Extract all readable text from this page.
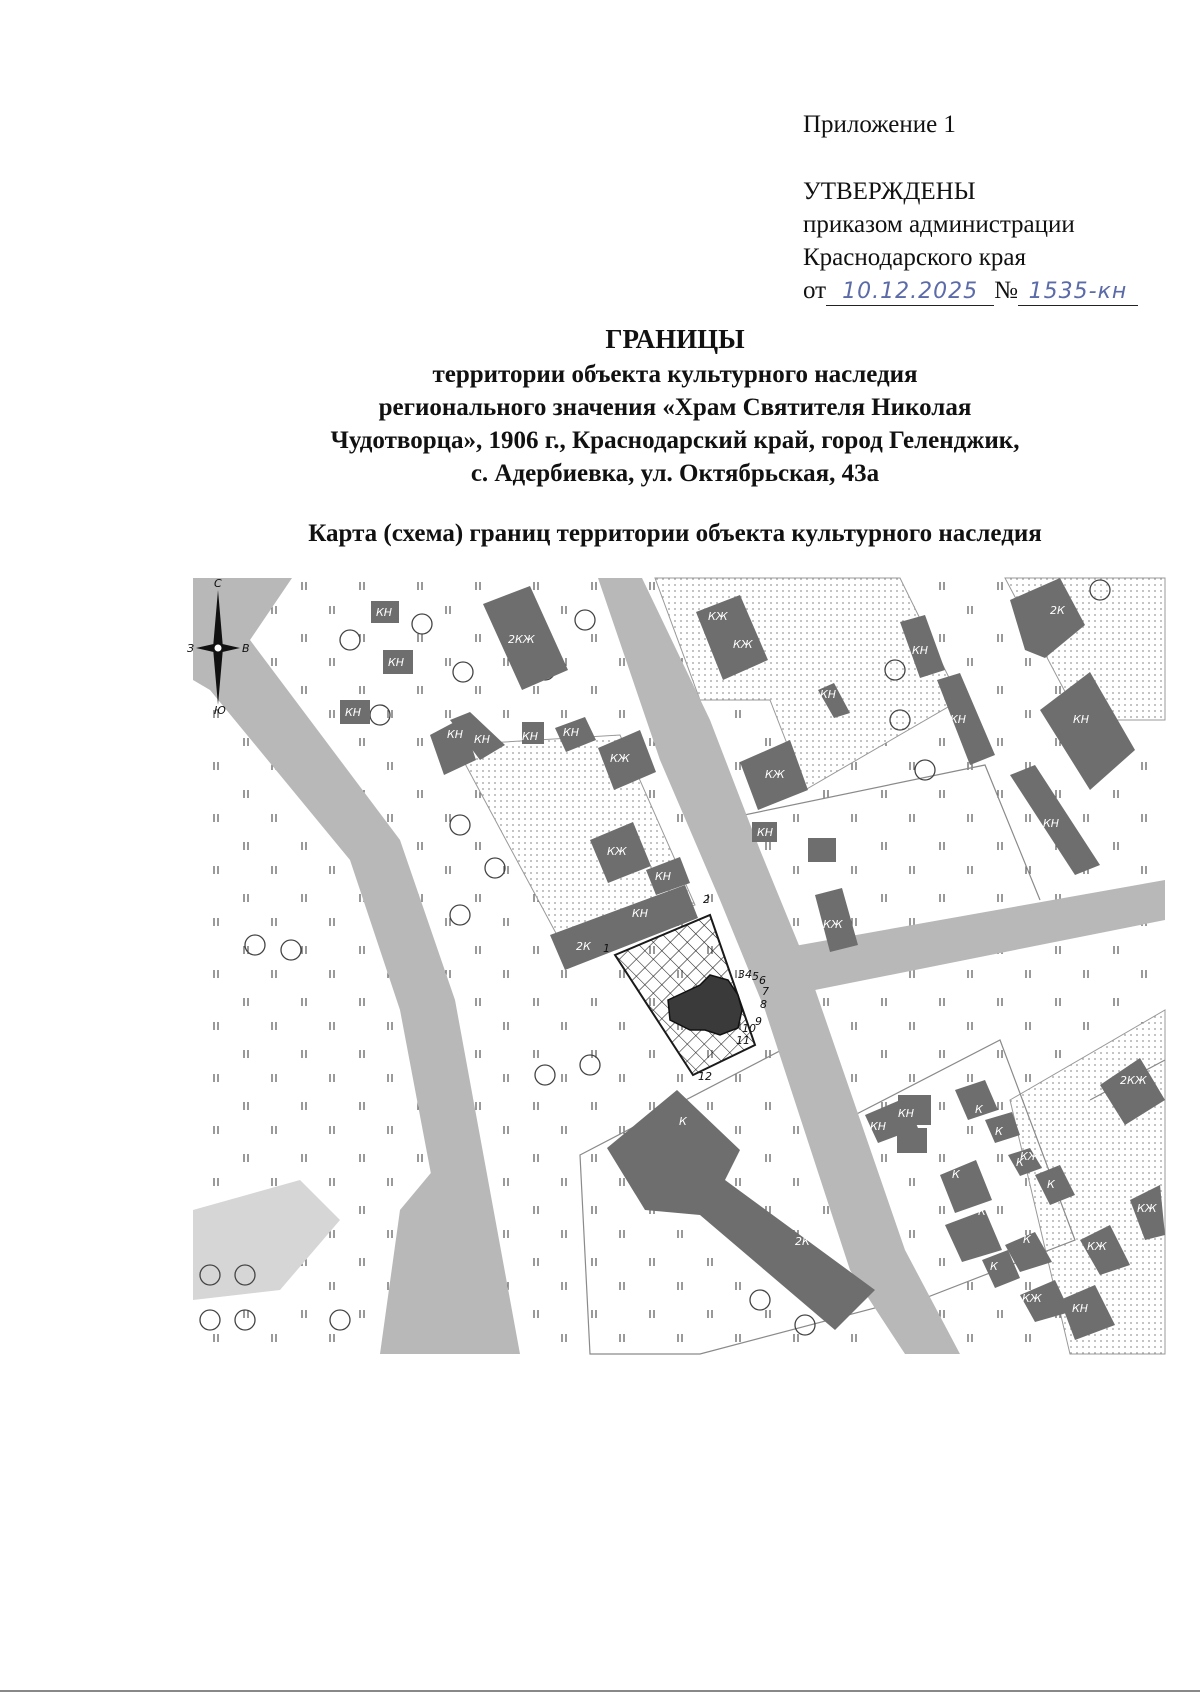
Приложение 1
УТВЕРЖДЕНЫ
приказом администрации
Краснодарского края
от 10.12.2025 № 1535-кн
ГРАНИЦЫ
территории объекта культурного наследия
регионального значения «Храм Святителя Николая
Чудотворца», 1906 г., Краснодарский край, город Геленджик,
с. Адербиевка, ул. Октябрьская, 43а
Карта (схема) границ территории объекта культурного наследия
С
З	В
Ю
КН
КН
2КЖ
КН
КН КН	КН КН
КЖ
КЖ
КН
КН
2К
К
2К
КЖ
КЖ
КН
2К
КН
КН	КН
КЖ
КЖ
КН
КЖ
КН
КН
КН	К
К
К
К
К
К
К
К
2КЖ
КЖ
КЖ
КЖ
КН
1
2
3 4 5 6
7
8
9
10
11
12
